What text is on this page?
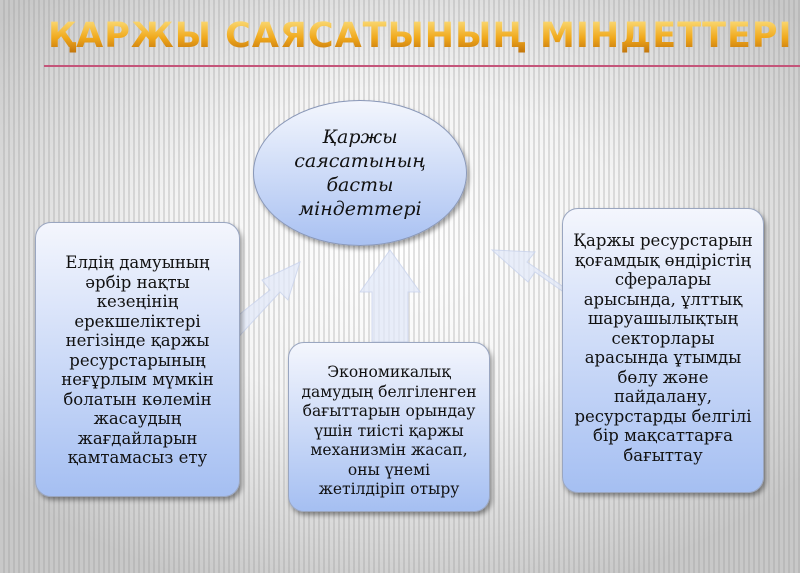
ҚАРЖЫ САЯСАТЫНЫҢ МІНДЕТТЕРІ
Қаржы
саясатының
басты
міндеттері
Елдің дамуының
әрбір нақты
кезеңінің
ерекшеліктері
негізінде қаржы
ресурстарының
неғұрлым мүмкін
болатын көлемін
жасаудың
жағдайларын
қамтамасыз ету
Экономикалық
дамудың белгіленген
бағыттарын орындау
үшін тиісті қаржы
механизмін жасап,
оны үнемі
жетілдіріп отыру
Қаржы ресурстарын
қоғамдық өндірістің
сфералары
арысында, ұлттық
шаруашылықтың
секторлары
арасында ұтымды
бөлу және
пайдалану,
ресурстарды белгілі
бір мақсаттарға
бағыттау
